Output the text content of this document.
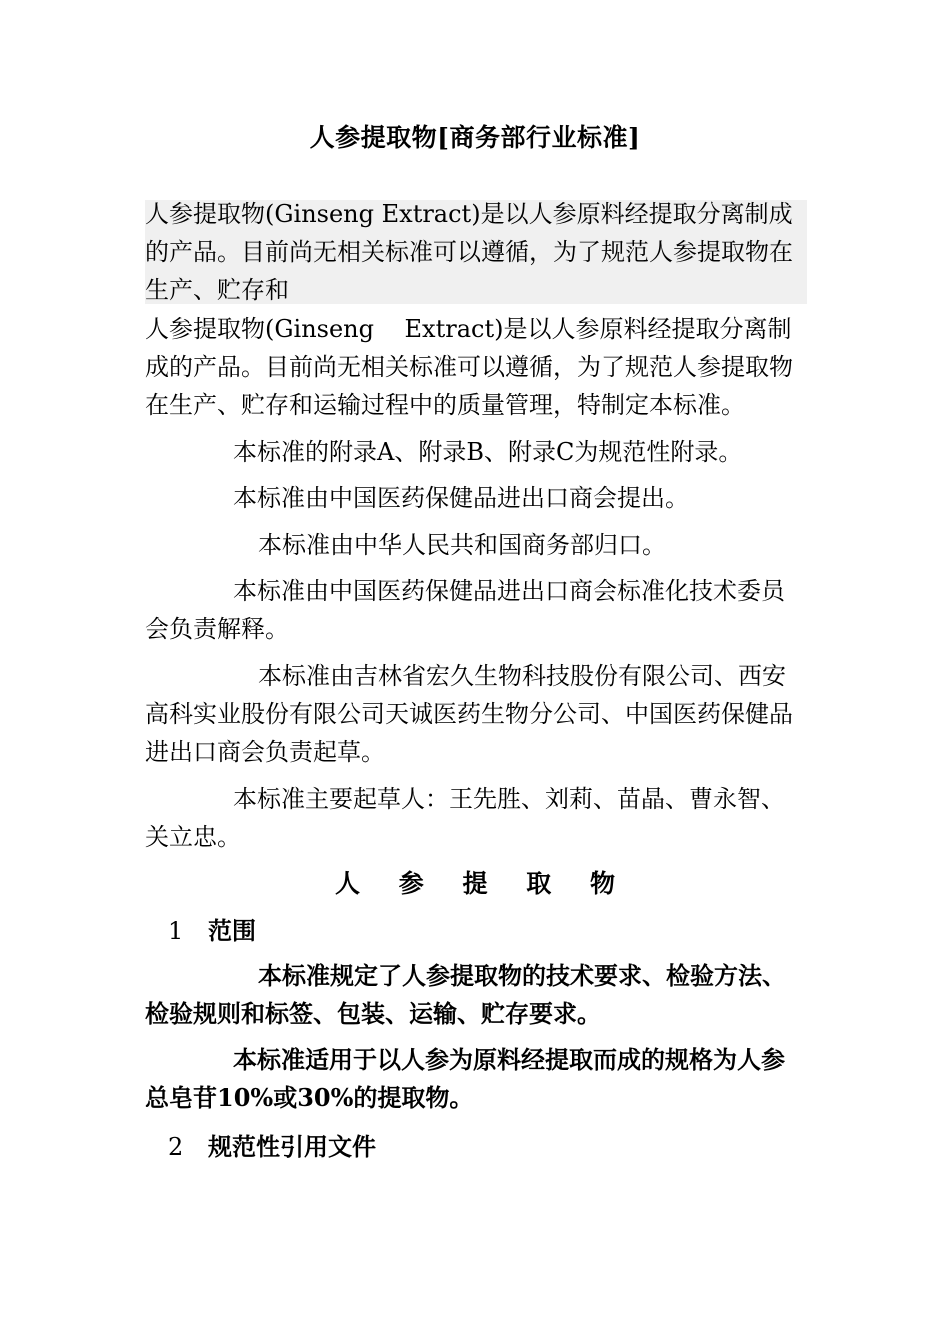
人参提取物[商务部行业标准]

人参提取物(Ginseng Extract)是以人参原料经提取分离制成的产品。目前尚无相关标准可以遵循，为了规范人参提取物在生产、贮存和

人参提取物(Ginseng    Extract)是以人参原料经提取分离制成的产品。目前尚无相关标准可以遵循，为了规范人参提取物在生产、贮存和运输过程中的质量管理，特制定本标准。

本标准的附录A、附录B、附录C为规范性附录。

本标准由中国医药保健品进出口商会提出。

本标准由中华人民共和国商务部归口。

本标准由中国医药保健品进出口商会标准化技术委员会负责解释。

本标准由吉林省宏久生物科技股份有限公司、西安高科实业股份有限公司天诚医药生物分公司、中国医药保健品进出口商会负责起草。

本标准主要起草人：王先胜、刘莉、苗晶、曹永智、关立忠。

人 参 提 取 物
1 范围

本标准规定了人参提取物的技术要求、检验方法、检验规则和标签、包装、运输、贮存要求。

本标准适用于以人参为原料经提取而成的规格为人参总皂苷10%或30%的提取物。

2 规范性引用文件
